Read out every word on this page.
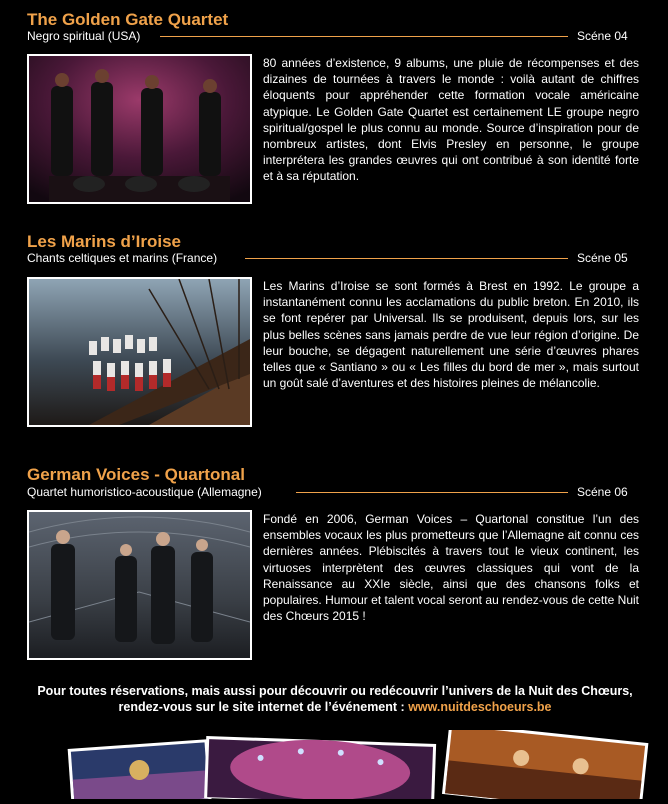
The Golden Gate Quartet
Negro spiritual (USA)	Scéne 04
80 années d’existence, 9 albums, une pluie de récompenses et des dizaines de tournées à travers le monde : voilà autant de chiffres éloquents pour appréhender cette formation vocale américaine atypique. Le Golden Gate Quartet est certainement LE groupe negro spiritual/gospel le plus connu au monde. Source d’inspiration pour de nombreux artistes, dont Elvis Presley en personne, le groupe interprétera les grandes œuvres qui ont contribué à son identité forte et à sa réputation.
Les Marins d’Iroise
Chants celtiques et marins (France)	Scéne 05
Les Marins d’Iroise se sont formés à Brest en 1992. Le groupe a instantanément connu les acclamations du public breton. En 2010, ils se font repérer par Universal. Ils se produisent, depuis lors, sur les plus belles scènes sans jamais perdre de vue leur région d’origine. De leur bouche, se dégagent naturellement une série d’œuvres phares telles que « Santiano » ou « Les filles du bord de mer », mais surtout un goût salé d’aventures et des histoires pleines de mélancolie.
German Voices - Quartonal
Quartet humoristico-acoustique (Allemagne)	Scéne 06
Fondé en 2006, German Voices – Quartonal constitue l’un des ensembles vocaux les plus prometteurs que l’Allemagne ait connu ces dernières années. Plébiscités à travers tout le vieux continent, les virtuoses interprètent des œuvres classiques qui vont de la Renaissance au XXIe siècle, ainsi que des chansons folks et populaires. Humour et talent vocal seront au rendez-vous de cette Nuit des Chœurs 2015 !
Pour toutes réservations, mais aussi pour découvrir ou redécouvrir l’univers de la Nuit des Chœurs, rendez-vous sur le site internet de l’événement : www.nuitdeschoeurs.be
